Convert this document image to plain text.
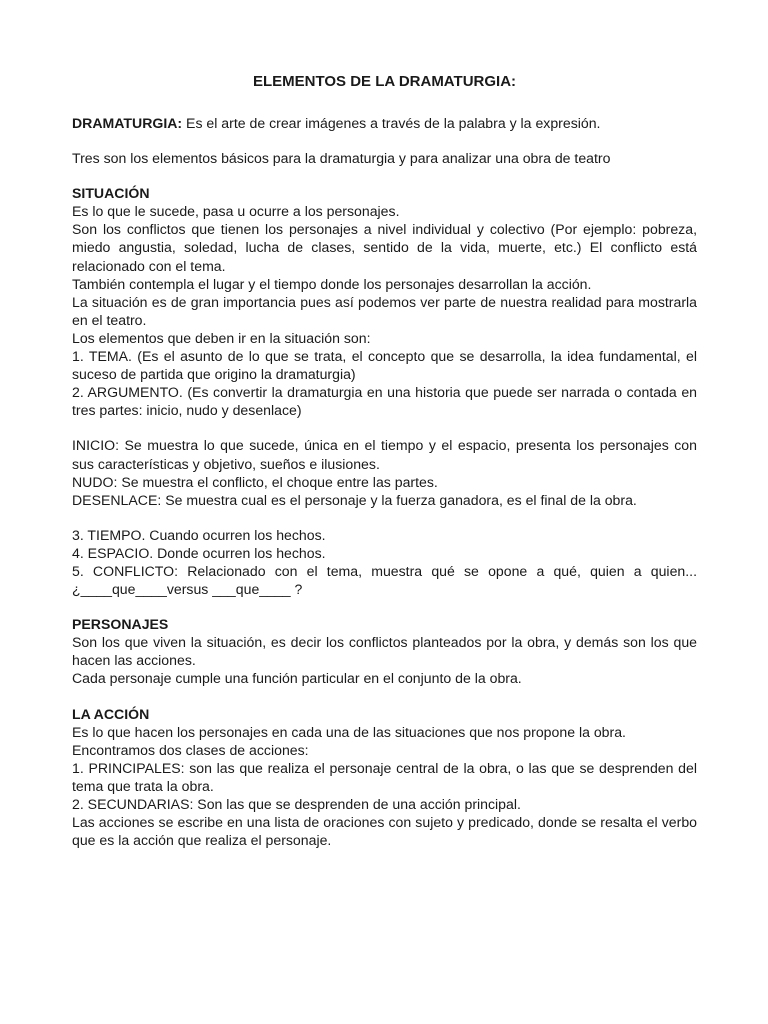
ELEMENTOS DE LA DRAMATURGIA:

DRAMATURGIA: Es el arte de crear imágenes a través de la palabra y la expresión.

Tres son los elementos básicos para la dramaturgia y para analizar una obra de teatro

SITUACIÓN

Es lo que le sucede, pasa u ocurre a los personajes.

Son los conflictos que tienen los personajes a nivel individual y colectivo (Por ejemplo: pobreza, miedo angustia, soledad, lucha de clases, sentido de la vida, muerte, etc.) El conflicto está relacionado con el tema.

También contempla el lugar y el tiempo donde los personajes desarrollan la acción.

La situación es de gran importancia pues así podemos ver parte de nuestra realidad para mostrarla en el teatro.

Los elementos que deben ir en la situación son:

1. TEMA. (Es el asunto de lo que se trata, el concepto que se desarrolla, la idea fundamental, el suceso de partida que origino la dramaturgia)

2. ARGUMENTO. (Es convertir la dramaturgia en una historia que puede ser narrada o contada en tres partes: inicio, nudo y desenlace)

INICIO: Se muestra lo que sucede, única en el tiempo y el espacio, presenta los personajes con sus características y objetivo, sueños e ilusiones.

NUDO: Se muestra el conflicto, el choque entre las partes.

DESENLACE: Se muestra cual es el personaje y la fuerza ganadora, es el final de la obra.

3. TIEMPO. Cuando ocurren los hechos.

4. ESPACIO. Donde ocurren los hechos.

5. CONFLICTO: Relacionado con el tema, muestra qué se opone a qué, quien a quien... ¿____que____versus ___que____ ?

PERSONAJES

Son los que viven la situación, es decir los conflictos planteados por la obra, y demás son los que hacen las acciones.

Cada personaje cumple una función particular en el conjunto de la obra.

LA ACCIÓN

Es lo que hacen los personajes en cada una de las situaciones que nos propone la obra.

Encontramos dos clases de acciones:

1. PRINCIPALES: son las que realiza el personaje central de la obra, o las que se desprenden del tema que trata la obra.

2. SECUNDARIAS: Son las que se desprenden de una acción principal.

Las acciones se escribe en una lista de oraciones con sujeto y predicado, donde se resalta el verbo que es la acción que realiza el personaje.
